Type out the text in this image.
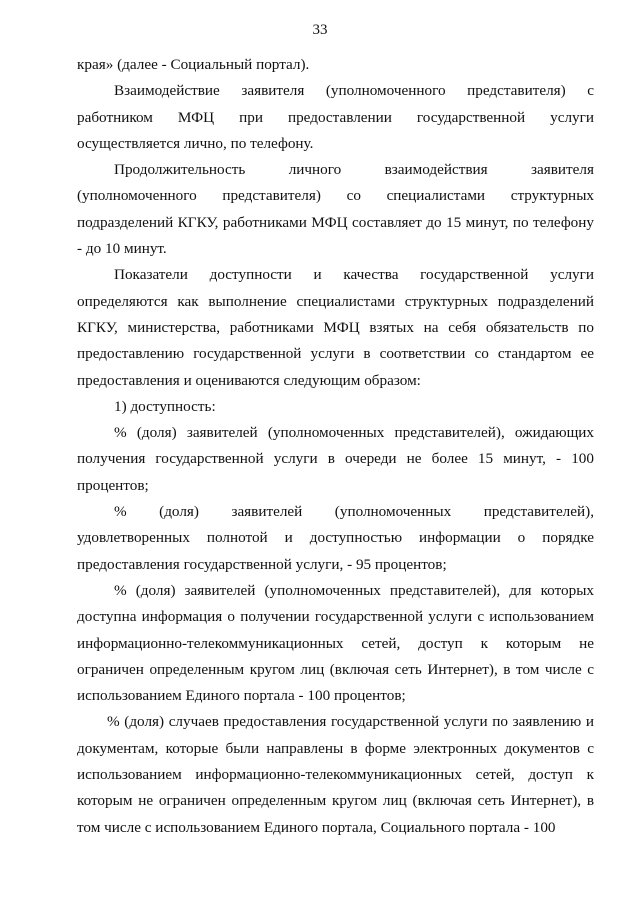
33

края» (далее - Социальный портал).

Взаимодействие заявителя (уполномоченного представителя) с работником МФЦ при предоставлении государственной услуги осуществляется лично, по телефону.

Продолжительность личного взаимодействия заявителя (уполномоченного представителя) со специалистами структурных подразделений КГКУ, работниками МФЦ составляет до 15 минут, по телефону - до 10 минут.

Показатели доступности и качества государственной услуги определяются как выполнение специалистами структурных подразделений КГКУ, министерства, работниками МФЦ взятых на себя обязательств по предоставлению государственной услуги в соответствии со стандартом ее предоставления и оцениваются следующим образом:

1) доступность:

% (доля) заявителей (уполномоченных представителей), ожидающих получения государственной услуги в очереди не более 15 минут, - 100 процентов;

% (доля) заявителей (уполномоченных представителей), удовлетворенных полнотой и доступностью информации о порядке предоставления государственной услуги, - 95 процентов;

% (доля) заявителей (уполномоченных представителей), для которых доступна информация о получении государственной услуги с использованием информационно-телекоммуникационных сетей, доступ к которым не ограничен определенным кругом лиц (включая сеть Интернет), в том числе с использованием Единого портала - 100 процентов;

% (доля) случаев предоставления государственной услуги по заявлению и документам, которые были направлены в форме электронных документов с использованием информационно-телекоммуникационных сетей, доступ к которым не ограничен определенным кругом лиц (включая сеть Интернет), в том числе с использованием Единого портала, Социального портала - 100
